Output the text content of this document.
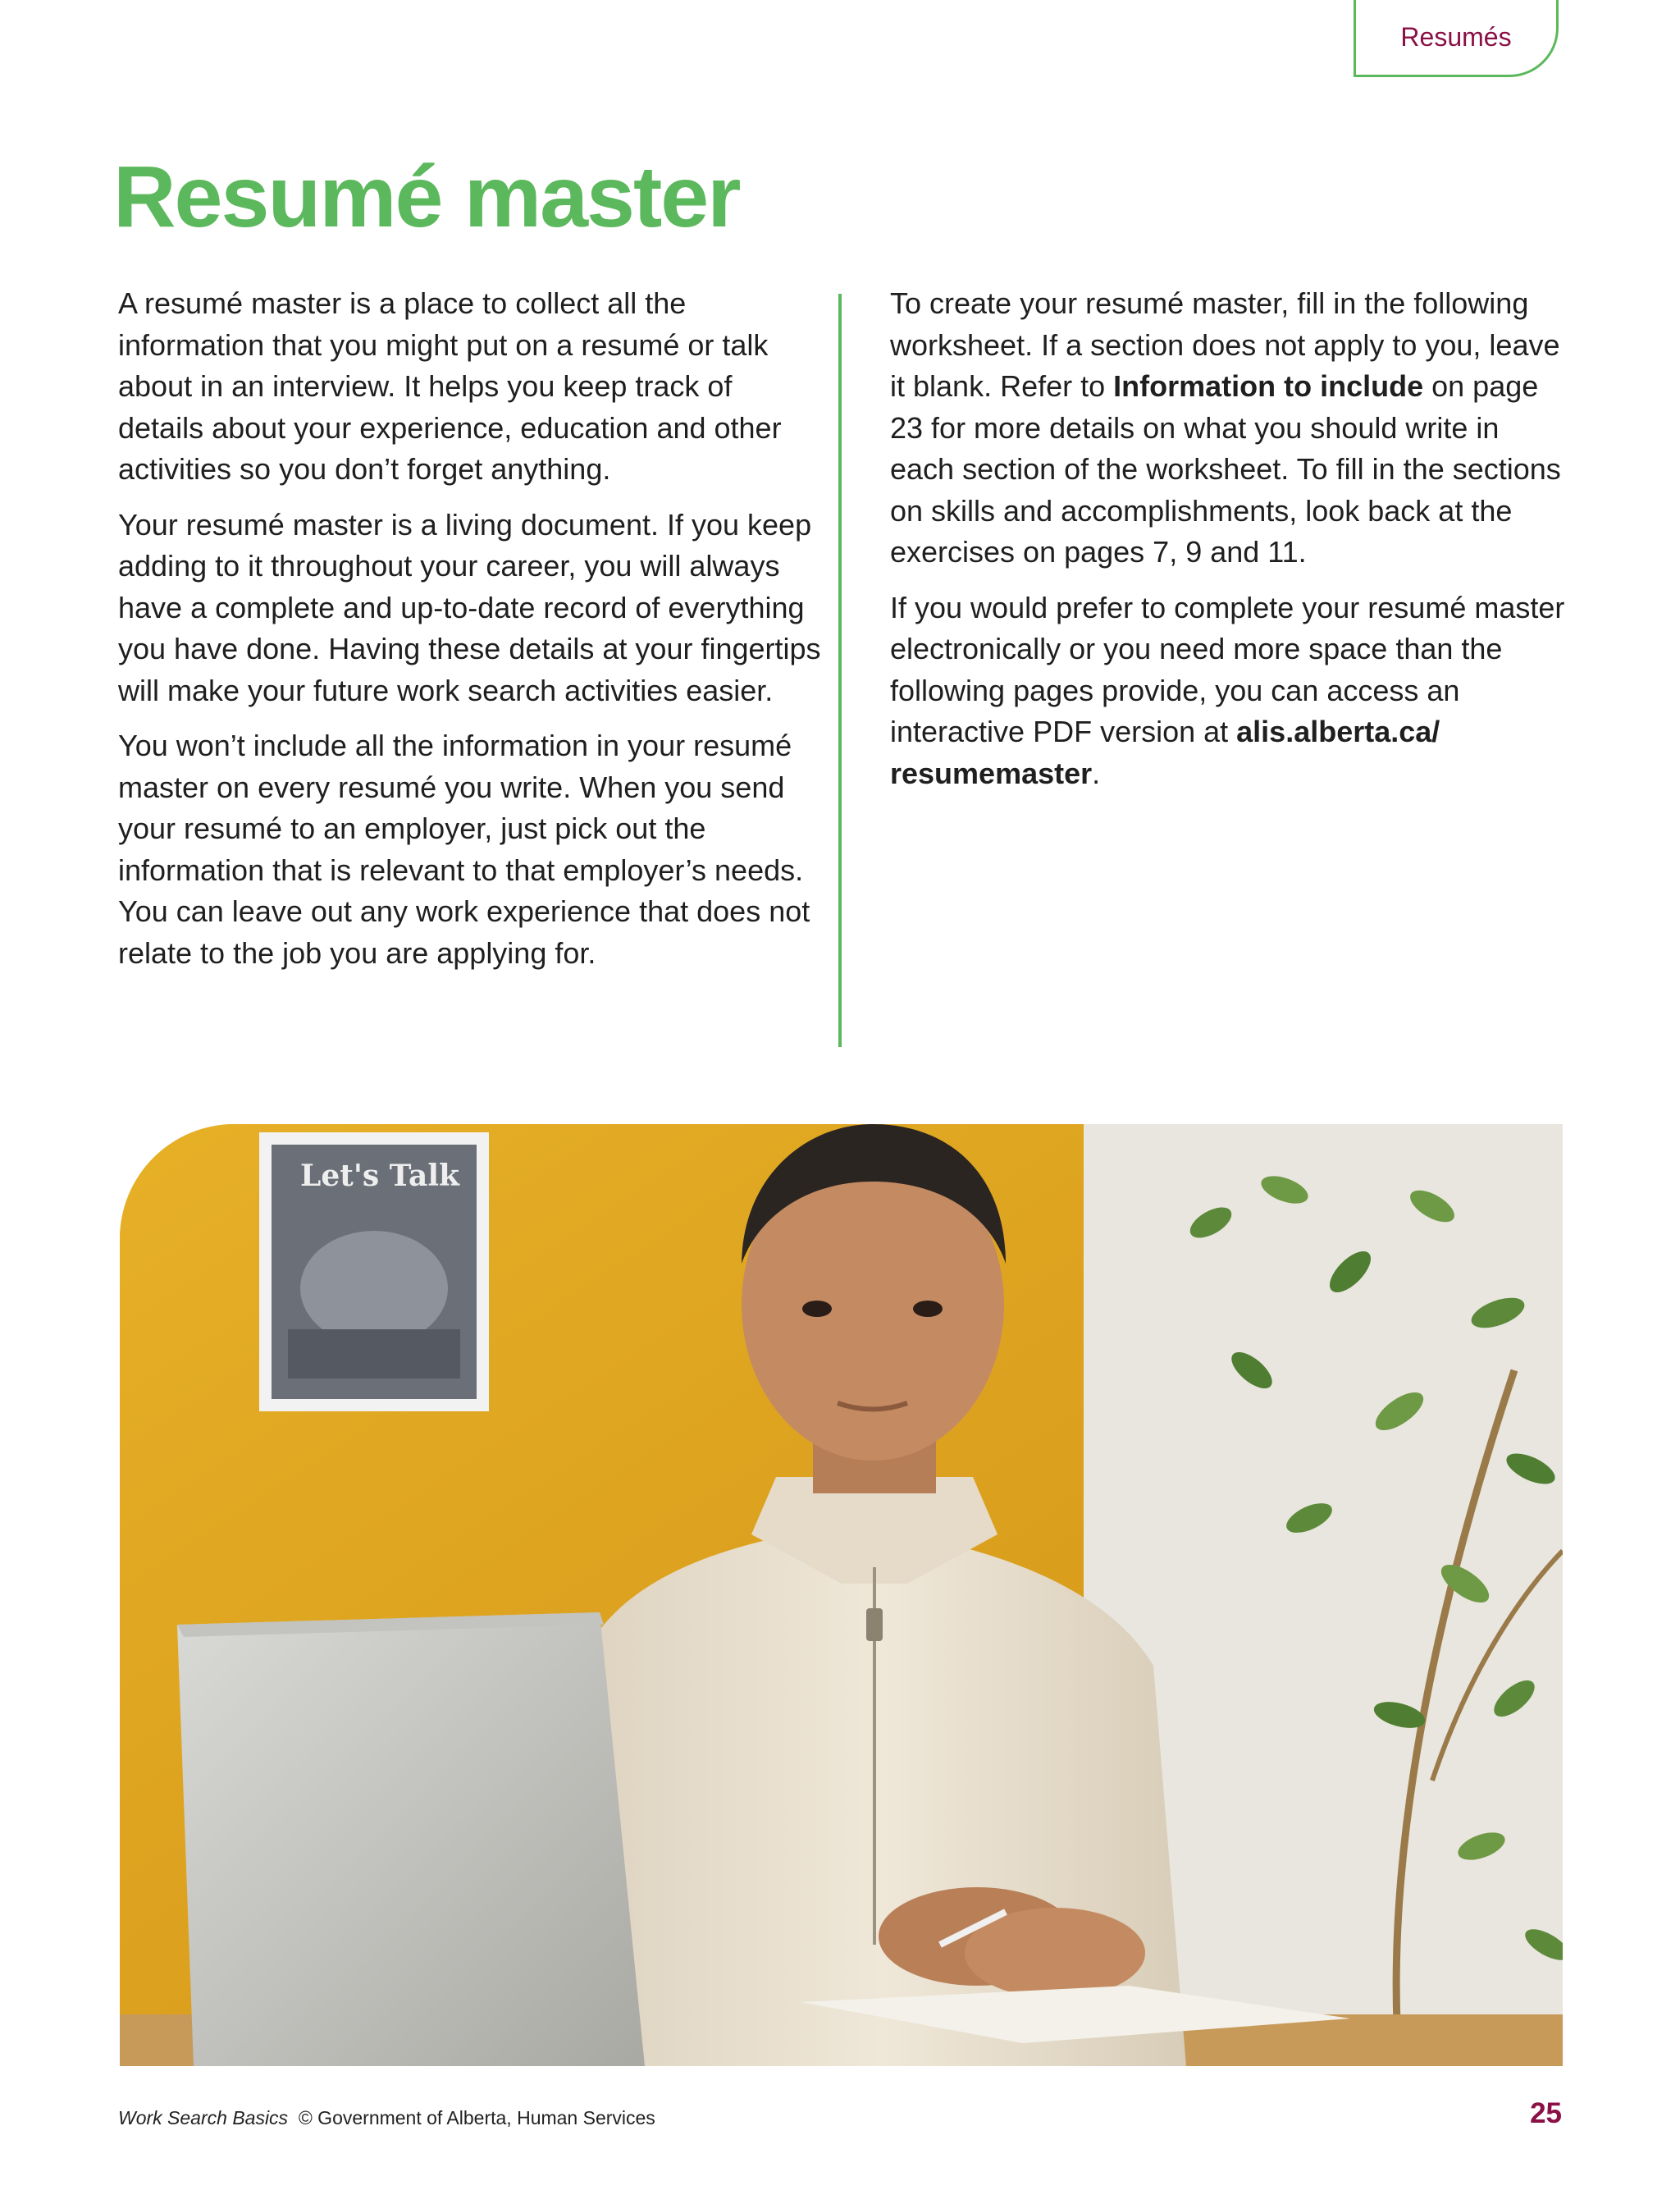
Resumés
Resumé master

A resumé master is a place to collect all the information that you might put on a resumé or talk about in an interview. It helps you keep track of details about your experience, education and other activities so you don’t forget anything.

Your resumé master is a living document. If you keep adding to it throughout your career, you will always have a complete and up-to-date record of everything you have done. Having these details at your fingertips will make your future work search activities easier.

You won’t include all the information in your resumé master on every resumé you write. When you send your resumé to an employer, just pick out the information that is relevant to that employer’s needs. You can leave out any work experience that does not relate to the job you are applying for.

To create your resumé master, fill in the following worksheet. If a section does not apply to you, leave it blank. Refer to Information to include on page 23 for more details on what you should write in each section of the worksheet. To fill in the sections on skills and accomplishments, look back at the exercises on pages 7, 9 and 11.

If you would prefer to complete your resumé master electronically or you need more space than the following pages provide, you can access an interactive PDF version at alis.alberta.ca/ resumemaster.

Let's Talk
Work Search Basics © Government of Alberta, Human Services	25
